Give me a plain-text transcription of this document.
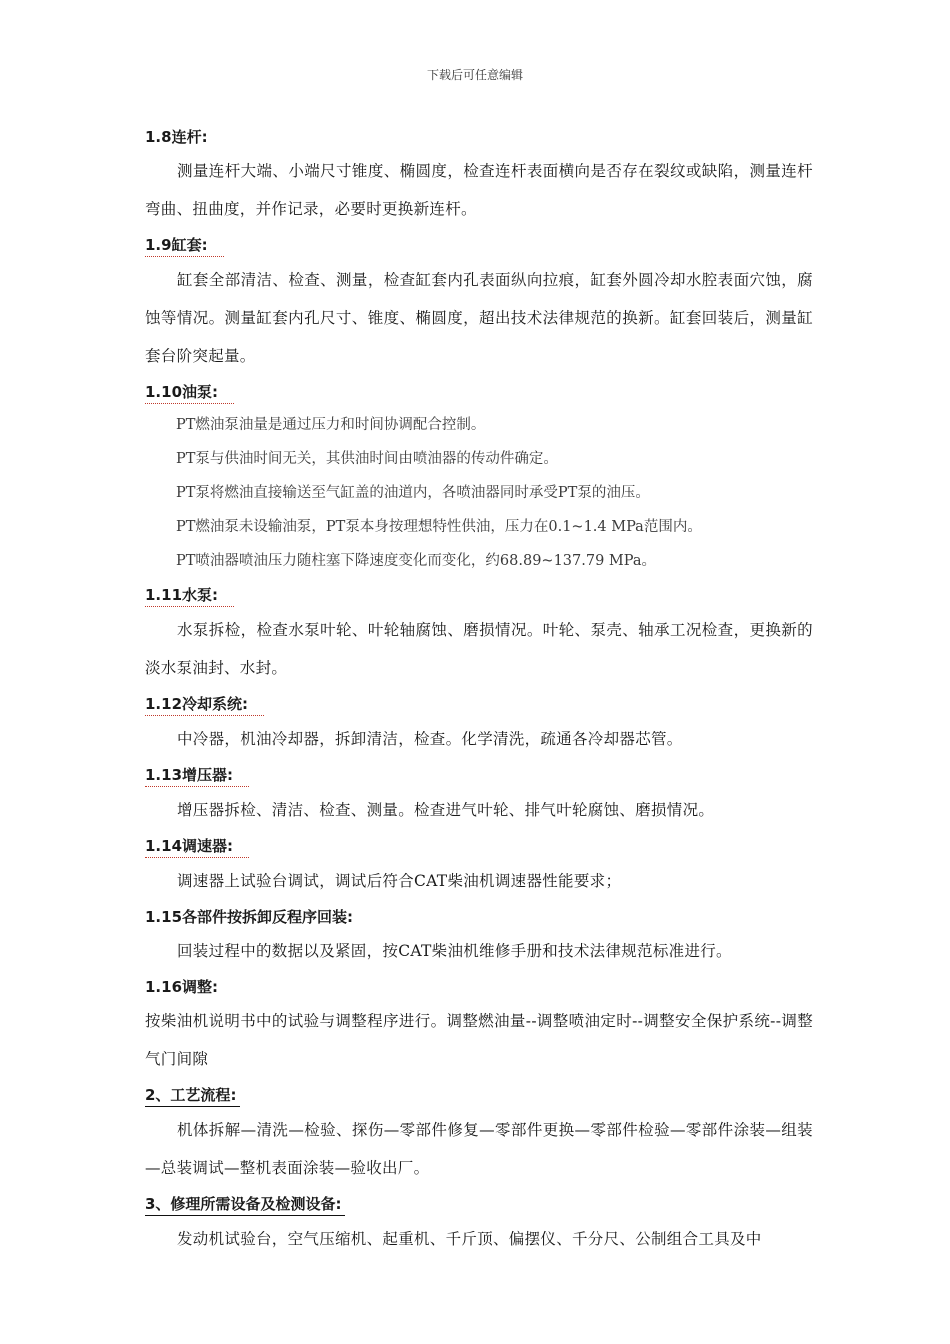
下载后可任意编辑
1.8连杆:
测量连杆大端、小端尺寸锥度、椭圆度，检查连杆表面横向是否存在裂纹或缺陷，测量连杆弯曲、扭曲度，并作记录，必要时更换新连杆。
1.9缸套:
缸套全部清洁、检查、测量，检查缸套内孔表面纵向拉痕，缸套外圆冷却水腔表面穴蚀，腐蚀等情况。测量缸套内孔尺寸、锥度、椭圆度，超出技术法律规范的换新。缸套回装后，测量缸套台阶突起量。
1.10油泵:
PT燃油泵油量是通过压力和时间协调配合控制。
PT泵与供油时间无关，其供油时间由喷油器的传动件确定。
PT泵将燃油直接输送至气缸盖的油道内，各喷油器同时承受PT泵的油压。
PT燃油泵未设输油泵，PT泵本身按理想特性供油，压力在0.1~1.4 MPa范围内。
PT喷油器喷油压力随柱塞下降速度变化而变化，约68.89~137.79 MPa。
1.11水泵:
水泵拆检，检查水泵叶轮、叶轮轴腐蚀、磨损情况。叶轮、泵壳、轴承工况检查，更换新的淡水泵油封、水封。
1.12冷却系统:
中冷器，机油冷却器，拆卸清洁，检查。化学清洗，疏通各冷却器芯管。
1.13增压器:
增压器拆检、清洁、检查、测量。检查进气叶轮、排气叶轮腐蚀、磨损情况。
1.14调速器:
调速器上试验台调试，调试后符合CAT柴油机调速器性能要求；
1.15各部件按拆卸反程序回装:
回装过程中的数据以及紧固，按CAT柴油机维修手册和技术法律规范标准进行。
1.16调整:
按柴油机说明书中的试验与调整程序进行。调整燃油量--调整喷油定时--调整安全保护系统--调整气门间隙
2、工艺流程:
机体拆解—清洗—检验、探伤—零部件修复—零部件更换—零部件检验—零部件涂装—组装—总装调试—整机表面涂装—验收出厂。
3、修理所需设备及检测设备:
发动机试验台，空气压缩机、起重机、千斤顶、偏摆仪、千分尺、公制组合工具及中
